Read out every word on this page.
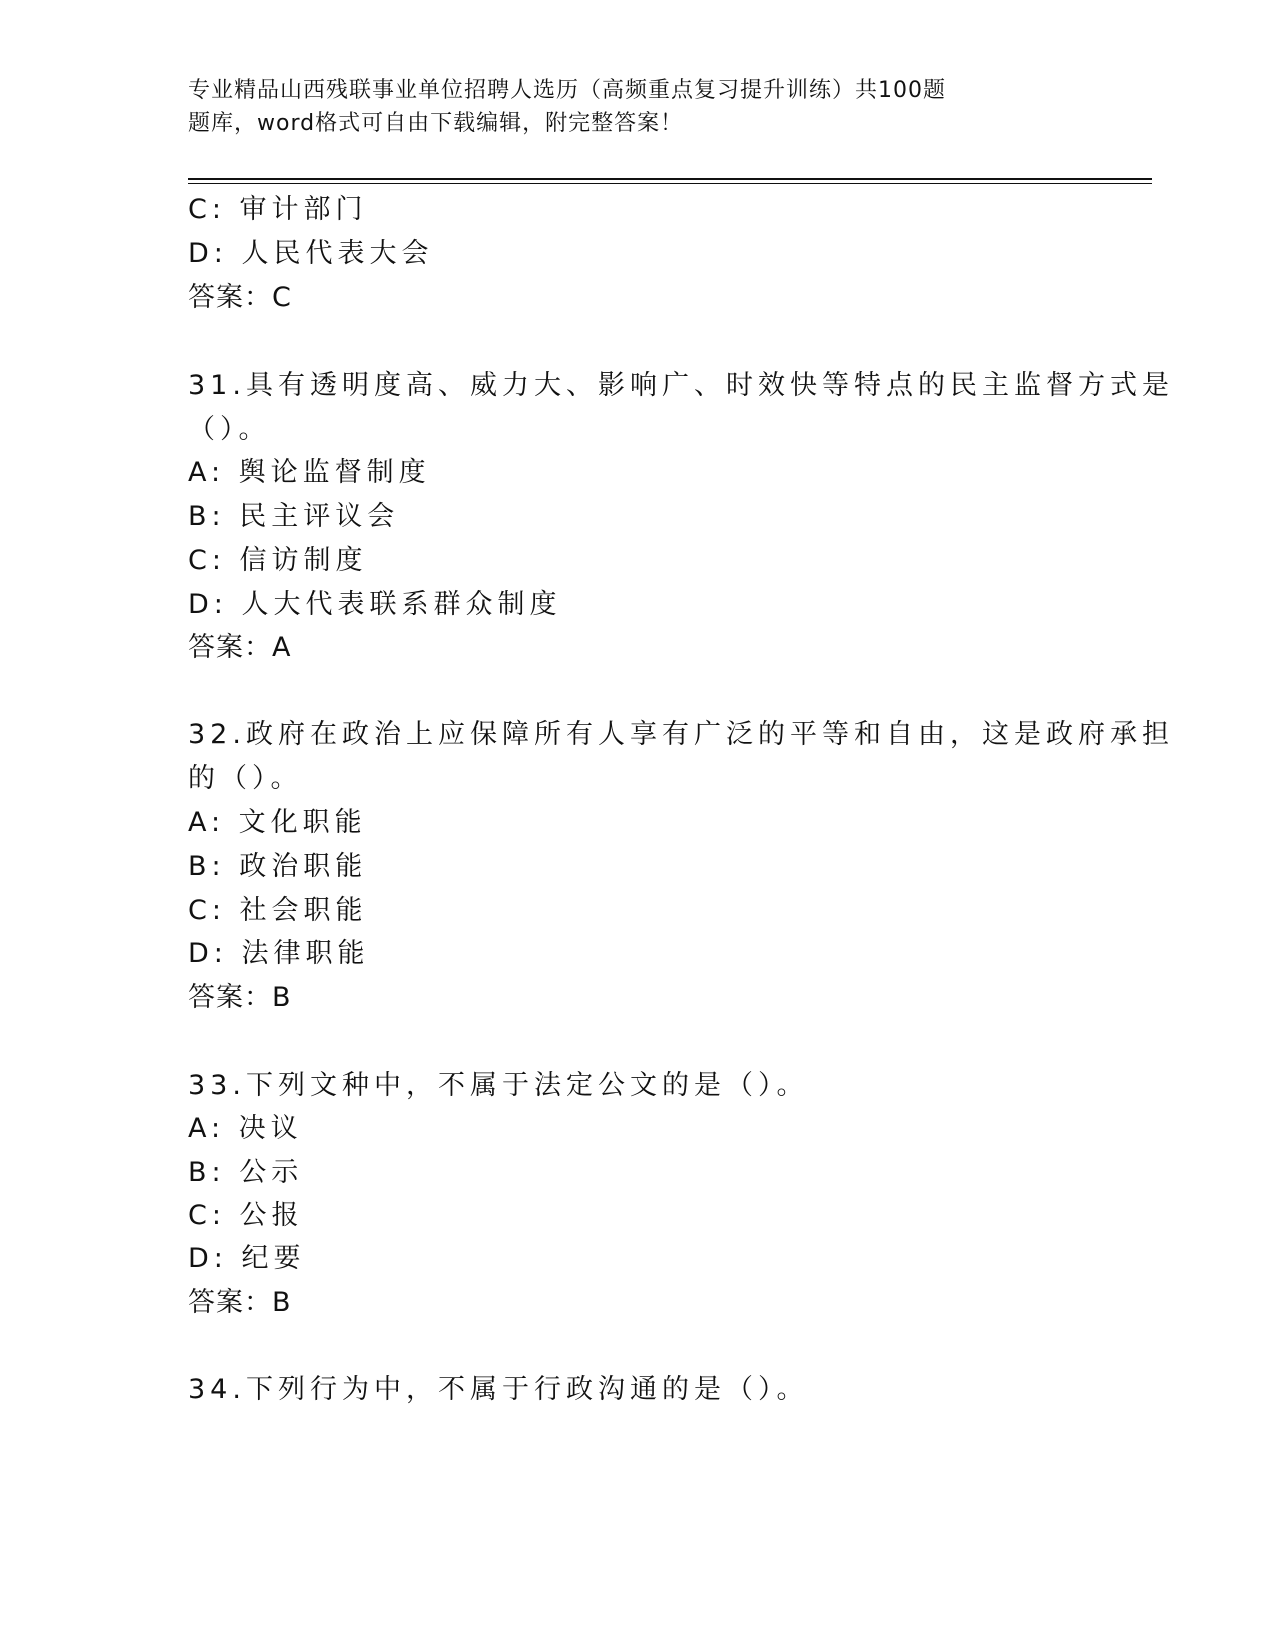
专业精品山西残联事业单位招聘人选历（高频重点复习提升训练）共100题
题库，word格式可自由下载编辑，附完整答案！
C: 审计部门
D: 人民代表大会
答案：C
31.具有透明度高、威力大、影响广、时效快等特点的民主监督方式是
（）。
A: 舆论监督制度
B: 民主评议会
C: 信访制度
D: 人大代表联系群众制度
答案：A
32.政府在政治上应保障所有人享有广泛的平等和自由，这是政府承担
的（）。
A: 文化职能
B: 政治职能
C: 社会职能
D: 法律职能
答案：B
33.下列文种中，不属于法定公文的是（）。
A: 决议
B: 公示
C: 公报
D: 纪要
答案：B
34.下列行为中，不属于行政沟通的是（）。
